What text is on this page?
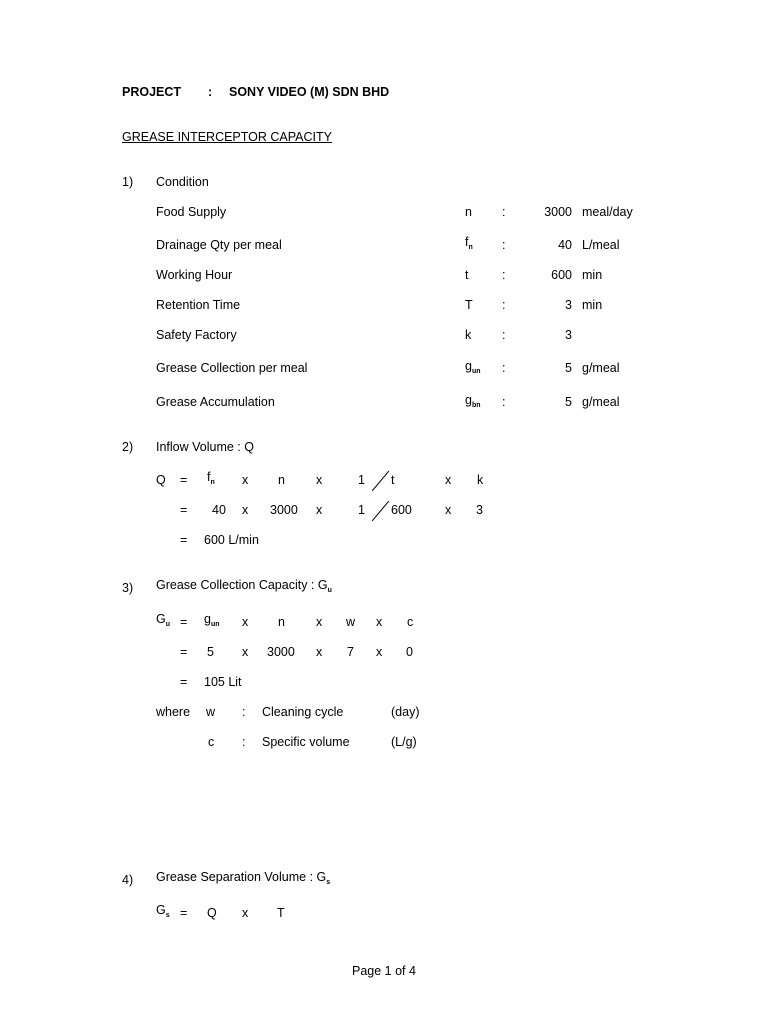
PROJECT : SONY VIDEO (M) SDN BHD
GREASE INTERCEPTOR CAPACITY
1) Condition
Food Supply	n :	3000 meal/day
Drainage Qty per meal	$f_n$ :	40 L/meal
Working Hour	t	:	600 min
Retention Time	T :	3 min
Safety Factory	k :	3
Grease Collection per meal	$g_{un}$ :	5 g/meal
Grease Accumulation	$g_{bn}$ :	5 g/meal
2) Inflow Volume : Q
$Q = f_n$ x n x	1 t	x k
= 40 x 3000 x	1 600	x 3
= 600 L/min
3) Grease Collection Capacity : $G_u$
$G_u = g_{un}$ x n x w x c
= 5 x 3000 x 7 x 0
= 105 Lit
where w : Cleaning cycle	(day)
c : Specific volume	(L/g)
4) Grease Separation Volume : $G_s$
$G_s = Q$ x T
Page 1 of 4
